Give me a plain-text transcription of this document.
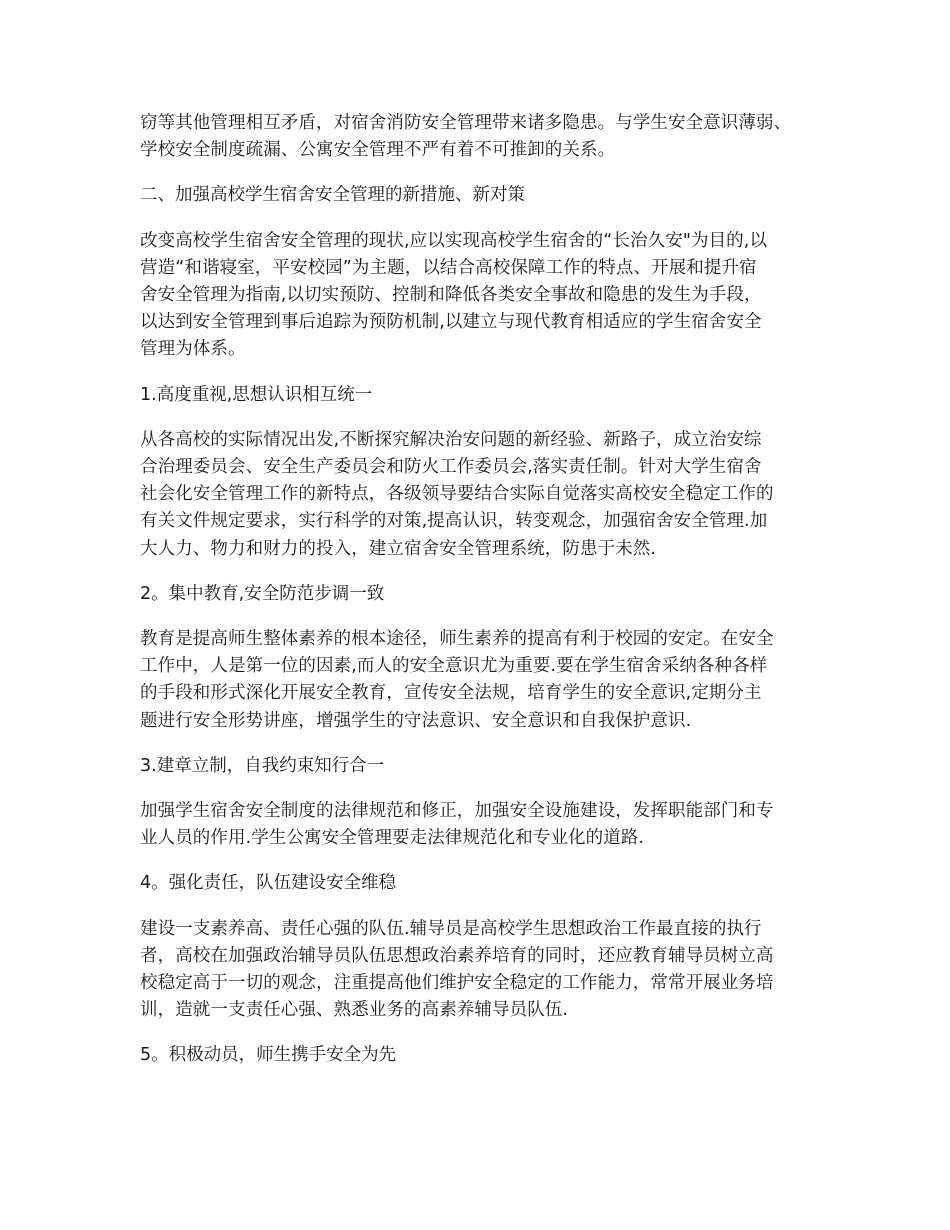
窃等其他管理相互矛盾，对宿舍消防安全管理带来诸多隐患。与学生安全意识薄弱、

学校安全制度疏漏、公寓安全管理不严有着不可推卸的关系。

二、加强高校学生宿舍安全管理的新措施、新对策

改变高校学生宿舍安全管理的现状,应以实现高校学生宿舍的“长治久安"为目的,以

营造“和谐寝室，平安校园”为主题，以结合高校保障工作的特点、开展和提升宿

舍安全管理为指南,以切实预防、控制和降低各类安全事故和隐患的发生为手段，

以达到安全管理到事后追踪为预防机制,以建立与现代教育相适应的学生宿舍安全

管理为体系。

1.高度重视,思想认识相互统一

从各高校的实际情况出发,不断探究解决治安问题的新经验、新路子，成立治安综

合治理委员会、安全生产委员会和防火工作委员会,落实责任制。针对大学生宿舍

社会化安全管理工作的新特点，各级领导要结合实际自觉落实高校安全稳定工作的

有关文件规定要求，实行科学的对策,提高认识，转变观念，加强宿舍安全管理.加

大人力、物力和财力的投入，建立宿舍安全管理系统，防患于未然.

2。集中教育,安全防范步调一致

教育是提高师生整体素养的根本途径，师生素养的提高有利于校园的安定。在安全

工作中，人是第一位的因素,而人的安全意识尤为重要.要在学生宿舍采纳各种各样

的手段和形式深化开展安全教育，宣传安全法规，培育学生的安全意识,定期分主

题进行安全形势讲座，增强学生的守法意识、安全意识和自我保护意识.

3.建章立制，自我约束知行合一

加强学生宿舍安全制度的法律规范和修正，加强安全设施建设，发挥职能部门和专

业人员的作用.学生公寓安全管理要走法律规范化和专业化的道路.

4。强化责任，队伍建设安全维稳

建设一支素养高、责任心强的队伍.辅导员是高校学生思想政治工作最直接的执行

者，高校在加强政治辅导员队伍思想政治素养培育的同时，还应教育辅导员树立高

校稳定高于一切的观念，注重提高他们维护安全稳定的工作能力，常常开展业务培

训，造就一支责任心强、熟悉业务的高素养辅导员队伍.

5。积极动员，师生携手安全为先
